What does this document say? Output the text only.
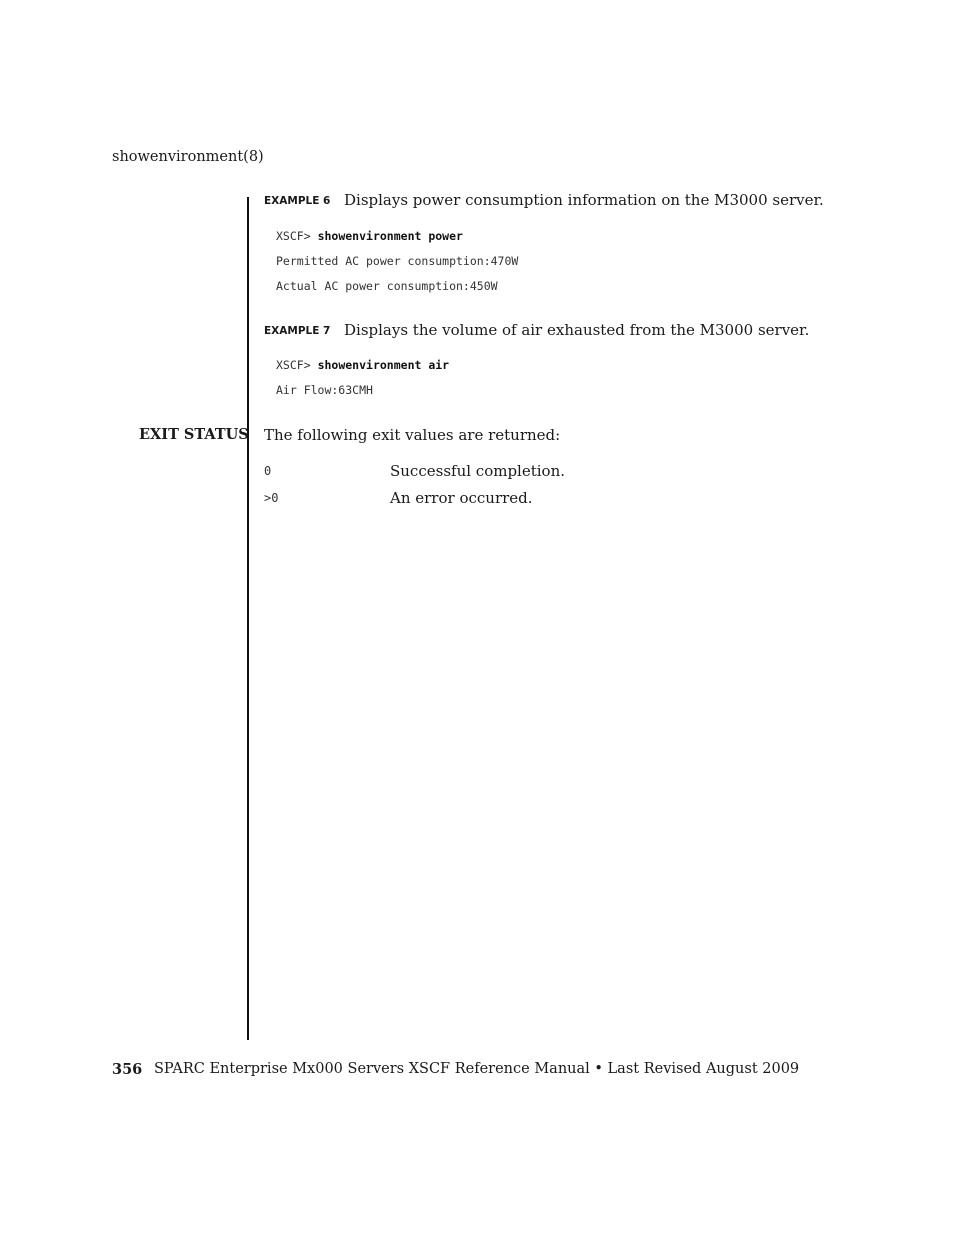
showenvironment(8)
EXAMPLE 6 Displays power consumption information on the M3000 server.
XSCF> showenvironment power
Permitted AC power consumption:470W
Actual AC power consumption:450W
EXAMPLE 7 Displays the volume of air exhausted from the M3000 server.
XSCF> showenvironment air
Air Flow:63CMH
EXIT STATUS The following exit values are returned:
0	Successful completion.
>0	An error occurred.
356 SPARC Enterprise Mx000 Servers XSCF Reference Manual • Last Revised August 2009
